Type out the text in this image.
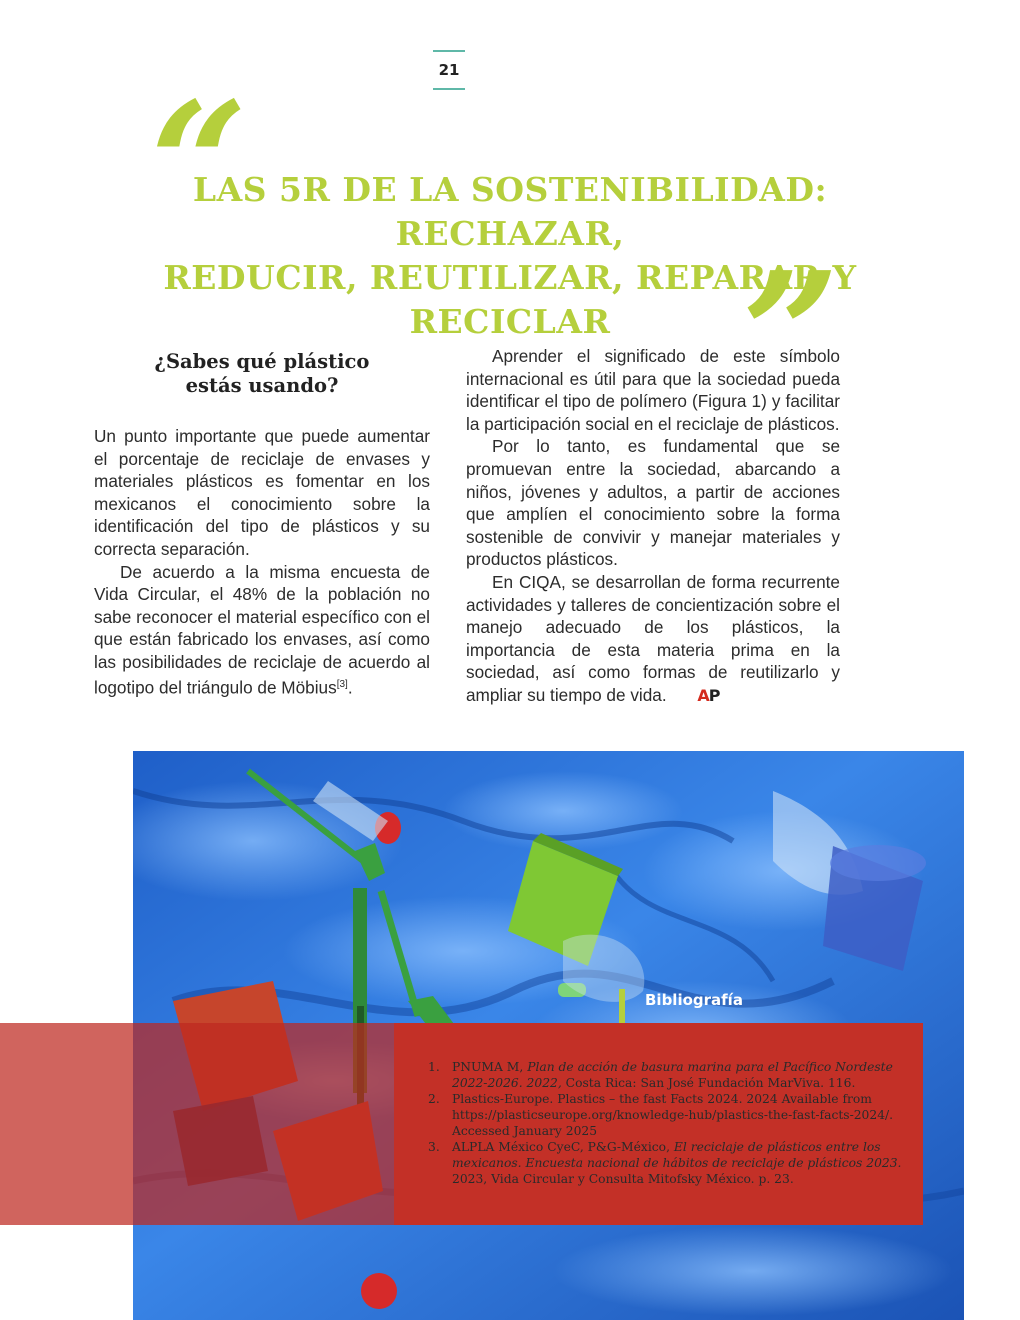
21
“
LAS 5R DE LA SOSTENIBILIDAD: RECHAZAR,
REDUCIR, REUTILIZAR, REPARAR Y RECICLAR ”
¿Sabes qué plástico
estás usando?

Un punto importante que puede aumentar el porcentaje de reciclaje de envases y materiales plásticos es fomentar en los mexicanos el conocimiento sobre la identificación del tipo de plásticos y su correcta separación.

De acuerdo a la misma encuesta de Vida Circular, el 48% de la población no sabe reconocer el material específico con el que están fabricado los envases, así como las posibilidades de reciclaje de acuerdo al logotipo del triángulo de Möbius[3].

Aprender el significado de este símbolo internacional es útil para que la sociedad pueda identificar el tipo de polímero (Figura 1) y facilitar la participación social en el reciclaje de plásticos.

Por lo tanto, es fundamental que se promuevan entre la sociedad, abarcando a niños, jóvenes y adultos, a partir de acciones que amplíen el conocimiento sobre la forma sostenible de convivir y manejar materiales y productos plásticos.

En CIQA, se desarrollan de forma recurrente actividades y talleres de concientización sobre el manejo adecuado de los plásticos, la importancia de esta materia prima en la sociedad, así como formas de reutilizarlo y ampliar su tiempo de vida. AP

Bibliografía
1. PNUMA M, Plan de acción de basura marina para el Pacífico Nordeste 2022-2026. 2022, Costa Rica: San José Fundación MarViva. 116.
2. Plastics-Europe. Plastics – the fast Facts 2024. 2024 Available from https://plasticseurope.org/knowledge-hub/plastics-the-fast-facts-2024/. Accessed January 2025
3. ALPLA México CyeC, P&G-México, El reciclaje de plásticos entre los mexicanos. Encuesta nacional de hábitos de reciclaje de plásticos 2023. 2023, Vida Circular y Consulta Mitofsky México. p. 23.
